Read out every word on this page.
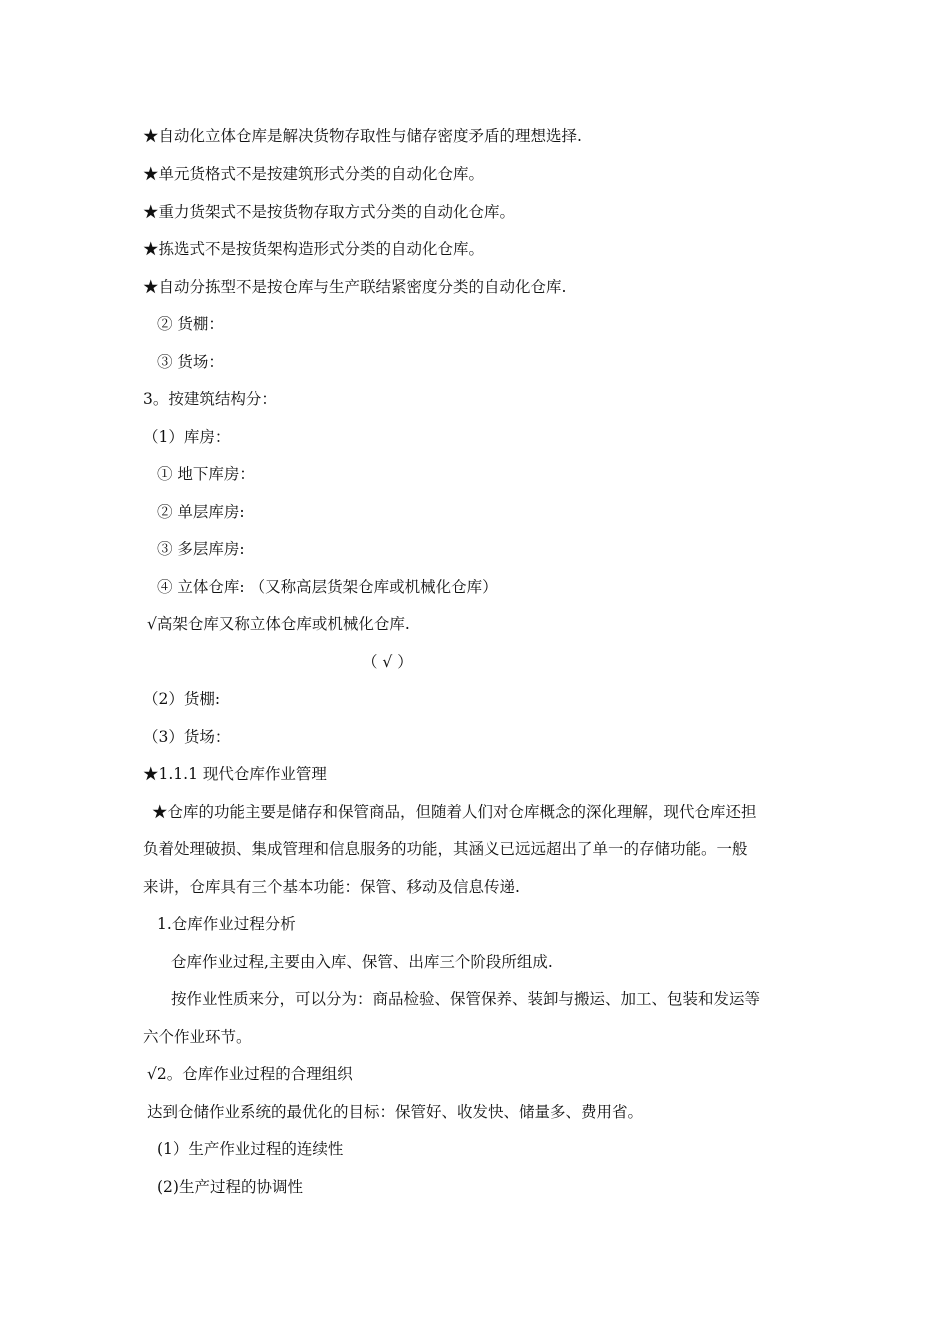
★自动化立体仓库是解决货物存取性与储存密度矛盾的理想选择.
★单元货格式不是按建筑形式分类的自动化仓库。
★重力货架式不是按货物存取方式分类的自动化仓库。
★拣选式不是按货架构造形式分类的自动化仓库。
★自动分拣型不是按仓库与生产联结紧密度分类的自动化仓库.
② 货棚：
③ 货场：
3。按建筑结构分：
（1）库房：
① 地下库房：
② 单层库房:
③ 多层库房:
④ 立体仓库: （又称高层货架仓库或机械化仓库）
√高架仓库又称立体仓库或机械化仓库.
（ √ ）
（2）货棚:
（3）货场：
★1.1.1 现代仓库作业管理
★仓库的功能主要是储存和保管商品，但随着人们对仓库概念的深化理解，现代仓库还担
负着处理破损、集成管理和信息服务的功能，其涵义已远远超出了单一的存储功能。一般
来讲，仓库具有三个基本功能：保管、移动及信息传递.
1.仓库作业过程分析
仓库作业过程,主要由入库、保管、出库三个阶段所组成.
按作业性质来分，可以分为：商品检验、保管保养、装卸与搬运、加工、包装和发运等
六个作业环节。
√2。仓库作业过程的合理组织
达到仓储作业系统的最优化的目标：保管好、收发快、储量多、费用省。
(1）生产作业过程的连续性
(2)生产过程的协调性
